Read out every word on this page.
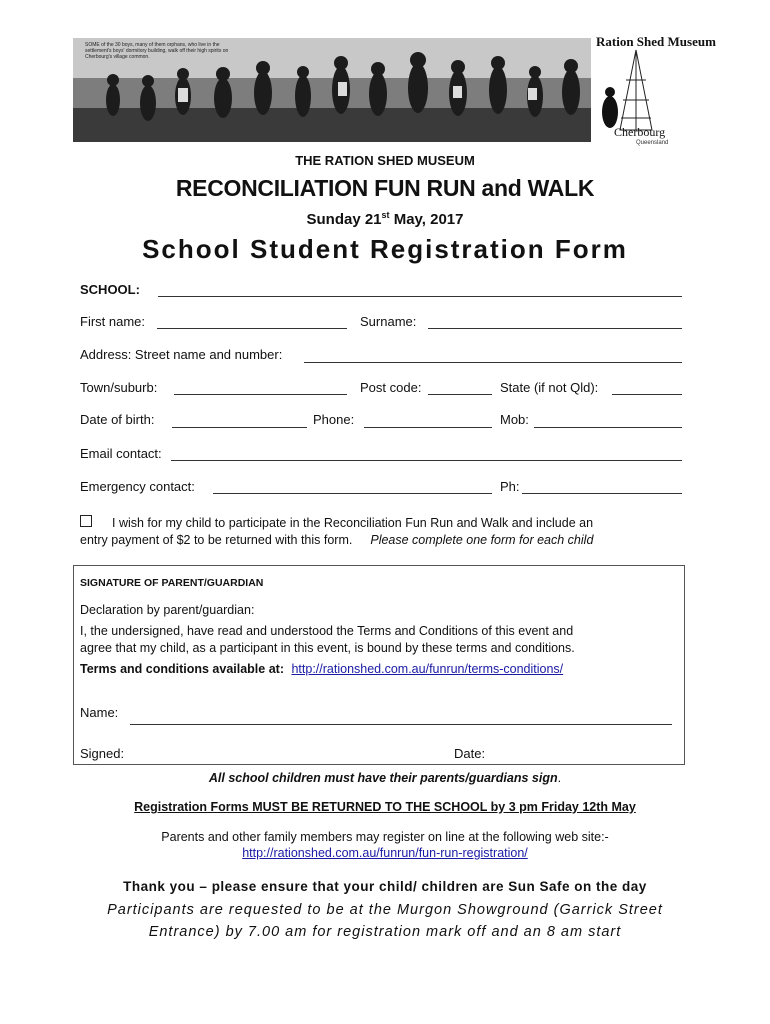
SOME of the 30 boys, many of them orphans, who live in the settlement's boys' dormitory building, walk off their high spirits on Cherbourg's village common.
Ration Shed Museum
Cherbourg
Queensland
THE RATION SHED MUSEUM
RECONCILIATION FUN RUN and WALK
Sunday 21st May, 2017
School Student Registration Form
SCHOOL:
First name:	Surname:
Address: Street name and number:
Town/suburb:	Post code:	State (if not Qld):
Date of birth:	Phone:	Mob:
Email contact:
Emergency contact:	Ph:
I wish for my child to participate in the Reconciliation Fun Run and Walk and include an
entry payment of $2 to be returned with this form. Please complete one form for each child
SIGNATURE OF PARENT/GUARDIAN
Declaration by parent/guardian:
I, the undersigned, have read and understood the Terms and Conditions of this event and
agree that my child, as a participant in this event, is bound by these terms and conditions.
Terms and conditions available at: http://rationshed.com.au/funrun/terms-conditions/
Name:
Signed:	Date:
All school children must have their parents/guardians sign.
Registration Forms MUST BE RETURNED TO THE SCHOOL by 3 pm Friday 12th May
Parents and other family members may register on line at the following web site:-
http://rationshed.com.au/funrun/fun-run-registration/
Thank you – please ensure that your child/ children are Sun Safe on the day
Participants are requested to be at the Murgon Showground (Garrick Street
Entrance) by 7.00 am for registration mark off and an 8 am start
